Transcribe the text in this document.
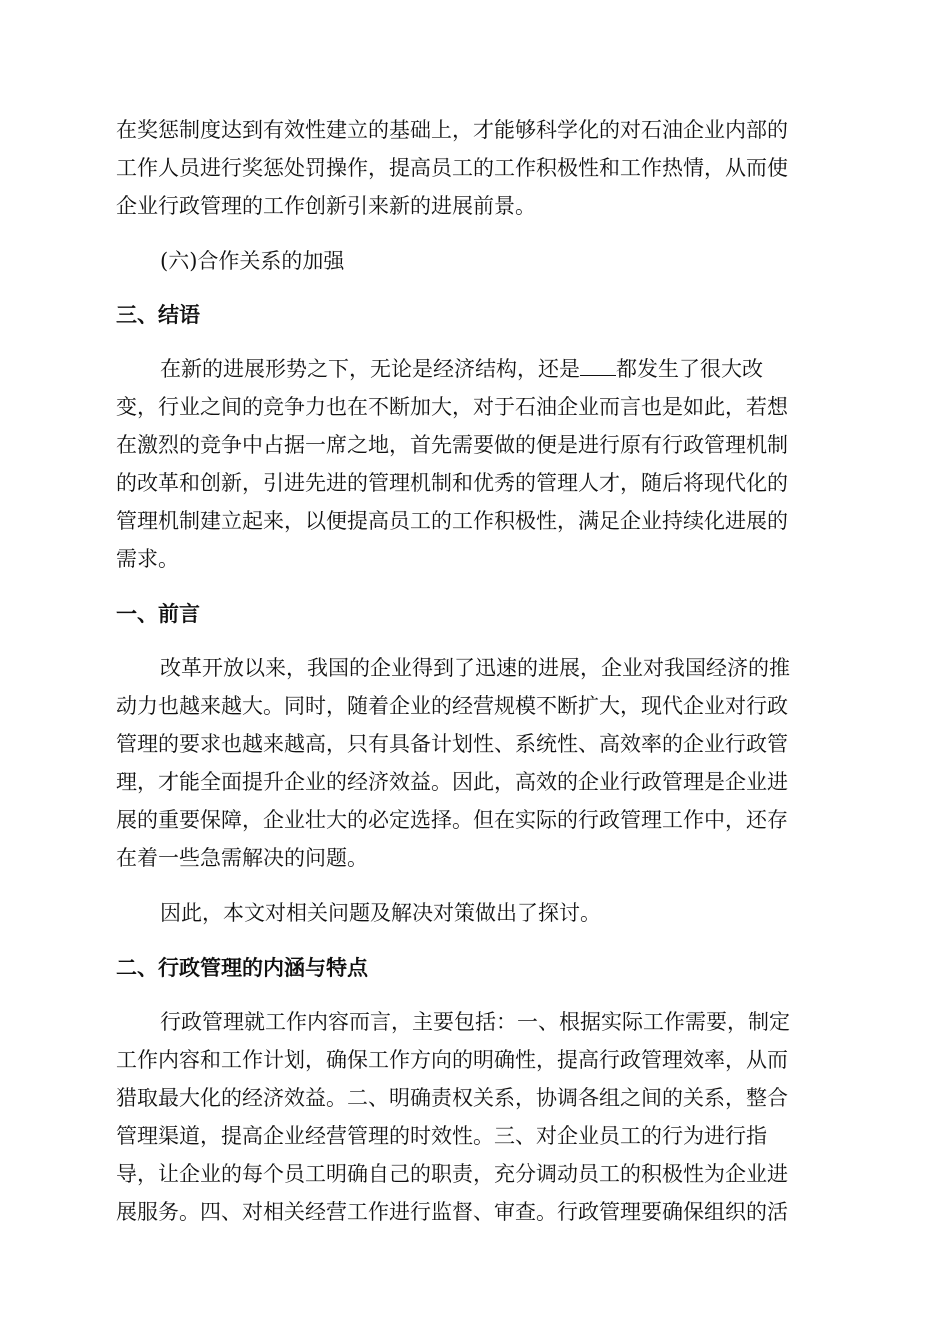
在奖惩制度达到有效性建立的基础上，才能够科学化的对石油企业内部的
工作人员进行奖惩处罚操作，提高员工的工作积极性和工作热情，从而使
企业行政管理的工作创新引来新的进展前景。
(六)合作关系的加强
三、结语
在新的进展形势之下，无论是经济结构，还是 都发生了很大改
变，行业之间的竞争力也在不断加大，对于石油企业而言也是如此，若想
在激烈的竞争中占据一席之地，首先需要做的便是进行原有行政管理机制
的改革和创新，引进先进的管理机制和优秀的管理人才，随后将现代化的
管理机制建立起来，以便提高员工的工作积极性，满足企业持续化进展的
需求。
一、前言
改革开放以来，我国的企业得到了迅速的进展，企业对我国经济的推
动力也越来越大。同时，随着企业的经营规模不断扩大，现代企业对行政
管理的要求也越来越高，只有具备计划性、系统性、高效率的企业行政管
理，才能全面提升企业的经济效益。因此，高效的企业行政管理是企业进
展的重要保障，企业壮大的必定选择。但在实际的行政管理工作中，还存
在着一些急需解决的问题。
因此，本文对相关问题及解决对策做出了探讨。
二、行政管理的内涵与特点
行政管理就工作内容而言，主要包括：一、根据实际工作需要，制定
工作内容和工作计划，确保工作方向的明确性，提高行政管理效率，从而
猎取最大化的经济效益。二、明确责权关系，协调各组之间的关系，整合
管理渠道，提高企业经营管理的时效性。三、对企业员工的行为进行指
导，让企业的每个员工明确自己的职责，充分调动员工的积极性为企业进
展服务。四、对相关经营工作进行监督、审查。行政管理要确保组织的活
